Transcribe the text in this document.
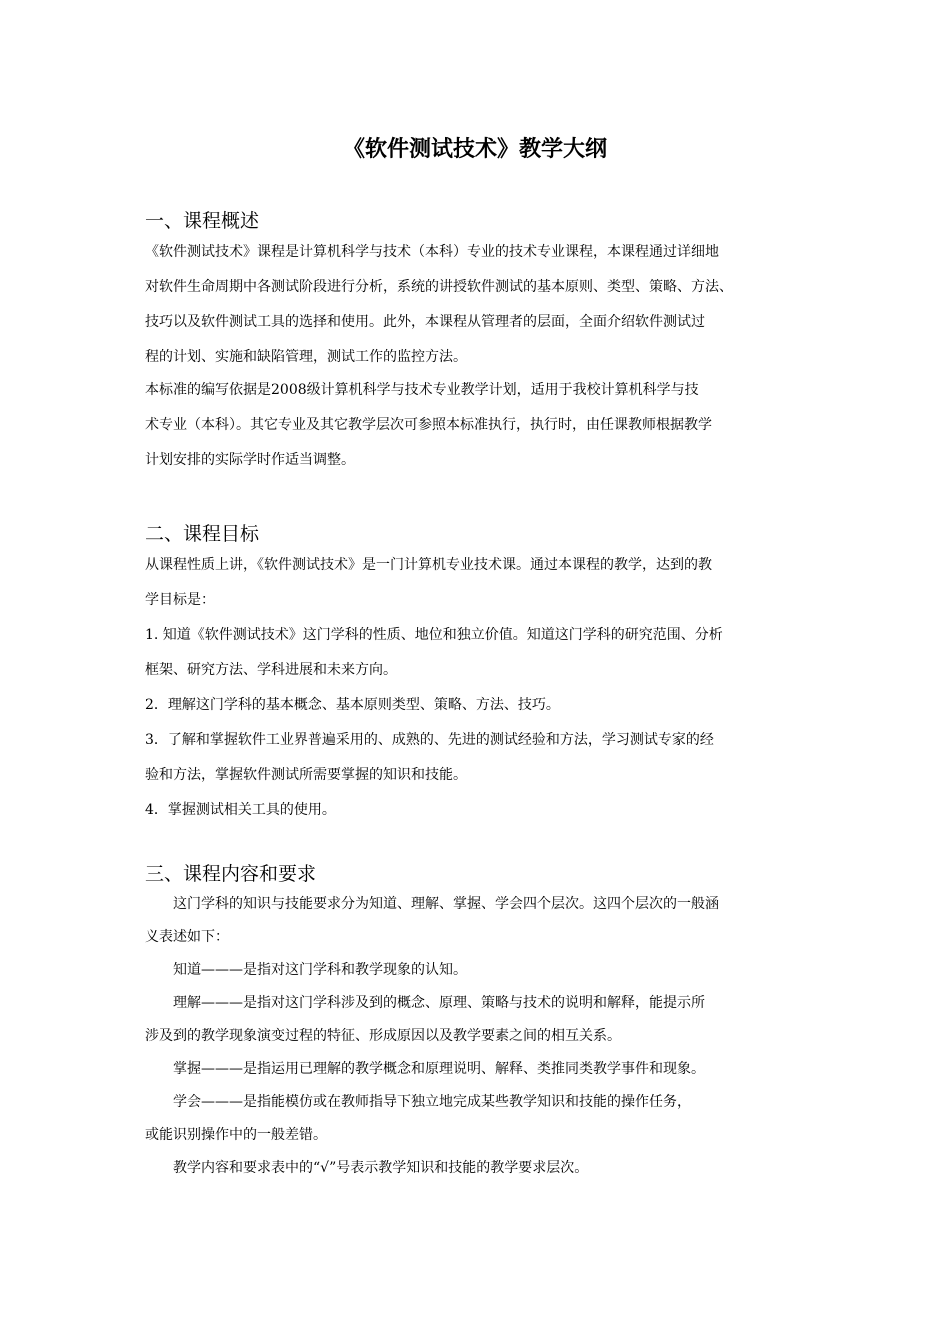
《软件测试技术》教学大纲
一、课程概述
《软件测试技术》课程是计算机科学与技术（本科）专业的技术专业课程，本课程通过详细地
对软件生命周期中各测试阶段进行分析，系统的讲授软件测试的基本原则、类型、策略、方法、
技巧以及软件测试工具的选择和使用。此外，本课程从管理者的层面，全面介绍软件测试过
程的计划、实施和缺陷管理，测试工作的监控方法。
本标准的编写依据是2008级计算机科学与技术专业教学计划，适用于我校计算机科学与技
术专业（本科）。其它专业及其它教学层次可参照本标准执行，执行时，由任课教师根据教学
计划安排的实际学时作适当调整。
二、课程目标
从课程性质上讲，《软件测试技术》是一门计算机专业技术课。通过本课程的教学，达到的教
学目标是：
1. 知道《软件测试技术》这门学科的性质、地位和独立价值。知道这门学科的研究范围、分析
框架、研究方法、学科进展和未来方向。
2．理解这门学科的基本概念、基本原则类型、策略、方法、技巧。
3．了解和掌握软件工业界普遍采用的、成熟的、先进的测试经验和方法，学习测试专家的经
验和方法，掌握软件测试所需要掌握的知识和技能。
4．掌握测试相关工具的使用。
三、课程内容和要求
这门学科的知识与技能要求分为知道、理解、掌握、学会四个层次。这四个层次的一般涵
义表述如下：
知道———是指对这门学科和教学现象的认知。
理解———是指对这门学科涉及到的概念、原理、策略与技术的说明和解释，能提示所
涉及到的教学现象演变过程的特征、形成原因以及教学要素之间的相互关系。
掌握———是指运用已理解的教学概念和原理说明、解释、类推同类教学事件和现象。
学会———是指能模仿或在教师指导下独立地完成某些教学知识和技能的操作任务，
或能识别操作中的一般差错。
教学内容和要求表中的“√”号表示教学知识和技能的教学要求层次。
